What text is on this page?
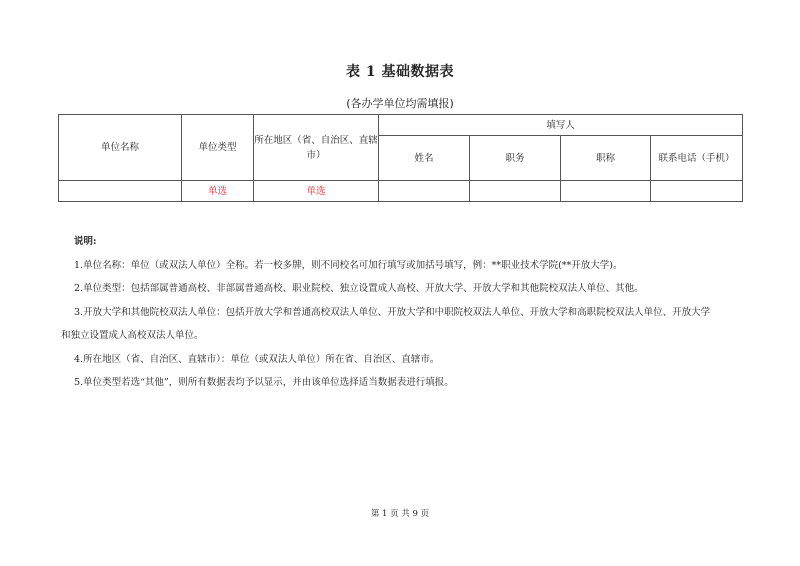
表 1 基础数据表
(各办学单位均需填报)
单位名称	单位类型	所在地区（省、自治区、直辖市）	填写人			
			姓名	职务	职称	联系电话（手机）
	单选	单选				
说明:
1.单位名称：单位（或双法人单位）全称。若一校多牌，则不同校名可加行填写或加括号填写，例：**职业技术学院(**开放大学)。
2.单位类型：包括部属普通高校、非部属普通高校、职业院校、独立设置成人高校、开放大学、开放大学和其他院校双法人单位、其他。
3.开放大学和其他院校双法人单位：包括开放大学和普通高校双法人单位、开放大学和中职院校双法人单位、开放大学和高职院校双法人单位、开放大学
和独立设置成人高校双法人单位。
4.所在地区（省、自治区、直辖市）：单位（或双法人单位）所在省、自治区、直辖市。
5.单位类型若选“其他”，则所有数据表均予以显示，并由该单位选择适当数据表进行填报。
第 1 页 共 9 页
